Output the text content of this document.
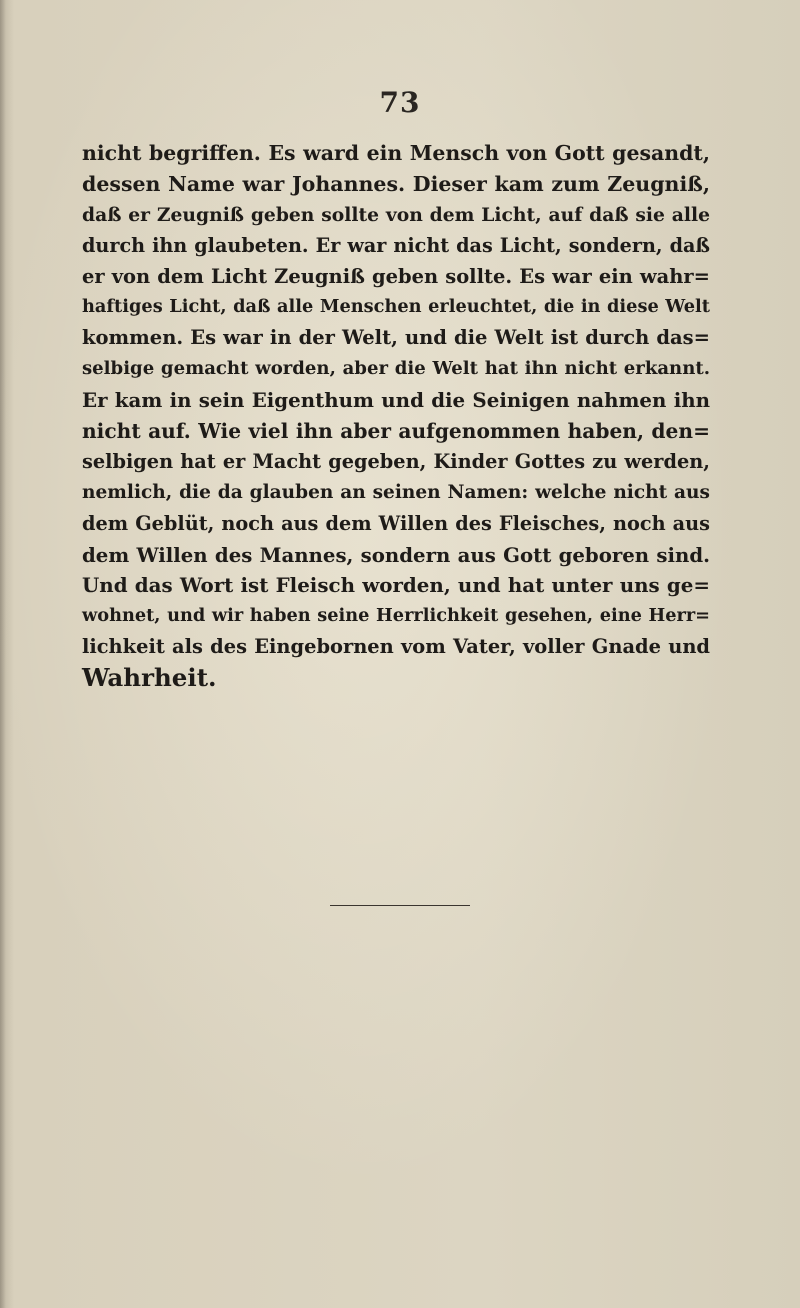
73
nicht begriffen. Es ward ein Mensch von Gott gesandt,
dessen Name war Johannes. Dieser kam zum Zeugniß,
daß er Zeugniß geben sollte von dem Licht, auf daß sie alle
durch ihn glaubeten. Er war nicht das Licht, sondern, daß
er von dem Licht Zeugniß geben sollte. Es war ein wahr=
haftiges Licht, daß alle Menschen erleuchtet, die in diese Welt
kommen. Es war in der Welt, und die Welt ist durch das=
selbige gemacht worden, aber die Welt hat ihn nicht erkannt.
Er kam in sein Eigenthum und die Seinigen nahmen ihn
nicht auf. Wie viel ihn aber aufgenommen haben, den=
selbigen hat er Macht gegeben, Kinder Gottes zu werden,
nemlich, die da glauben an seinen Namen: welche nicht aus
dem Geblüt, noch aus dem Willen des Fleisches, noch aus
dem Willen des Mannes, sondern aus Gott geboren sind.
Und das Wort ist Fleisch worden, und hat unter uns ge=
wohnet, und wir haben seine Herrlichkeit gesehen, eine Herr=
lichkeit als des Eingebornen vom Vater, voller Gnade und
Wahrheit.
